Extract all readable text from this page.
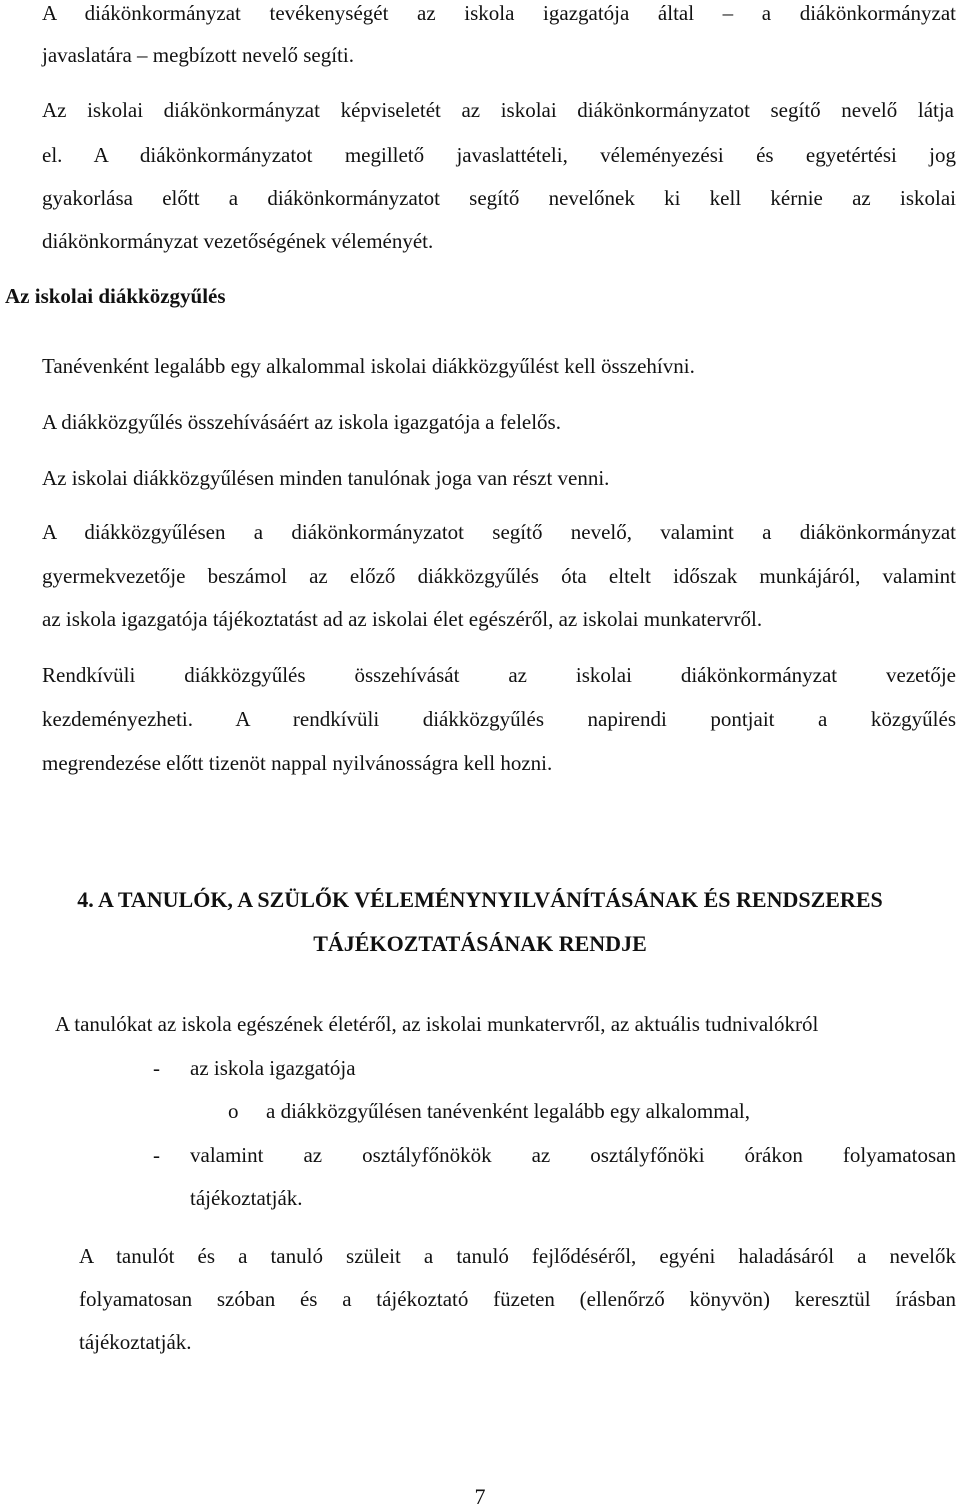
A diákönkormányzat tevékenységét az iskola igazgatója által – a diákönkormányzat
javaslatára – megbízott nevelő segíti.
Az iskolai diákönkormányzat képviseletét az iskolai diákönkormányzatot segítő nevelő látja
el. A diákönkormányzatot megillető javaslattételi, véleményezési és egyetértési jog
gyakorlása előtt a diákönkormányzatot segítő nevelőnek ki kell kérnie az iskolai
diákönkormányzat vezetőségének véleményét.
Az iskolai diákközgyűlés
Tanévenként legalább egy alkalommal iskolai diákközgyűlést kell összehívni.
A diákközgyűlés összehívásáért az iskola igazgatója a felelős.
Az iskolai diákközgyűlésen minden tanulónak joga van részt venni.
A diákközgyűlésen a diákönkormányzatot segítő nevelő, valamint a diákönkormányzat
gyermekvezetője beszámol az előző diákközgyűlés óta eltelt időszak munkájáról, valamint
az iskola igazgatója tájékoztatást ad az iskolai élet egészéről, az iskolai munkatervről.
Rendkívüli diákközgyűlés összehívását az iskolai diákönkormányzat vezetője
kezdeményezheti. A rendkívüli diákközgyűlés napirendi pontjait a közgyűlés
megrendezése előtt tizenöt nappal nyilvánosságra kell hozni.
4. A TANULÓK, A SZÜLŐK VÉLEMÉNYNYILVÁNÍTÁSÁNAK ÉS RENDSZERES
TÁJÉKOZTATÁSÁNAK RENDJE
A tanulókat az iskola egészének életéről, az iskolai munkatervről, az aktuális tudnivalókról
- az iskola igazgatója
o a diákközgyűlésen tanévenként legalább egy alkalommal,
- valamint az osztályfőnökök az osztályfőnöki órákon folyamatosan
tájékoztatják.
A tanulót és a tanuló szüleit a tanuló fejlődéséről, egyéni haladásáról a nevelők
folyamatosan szóban és a tájékoztató füzeten (ellenőrző könyvön) keresztül írásban
tájékoztatják.
7
